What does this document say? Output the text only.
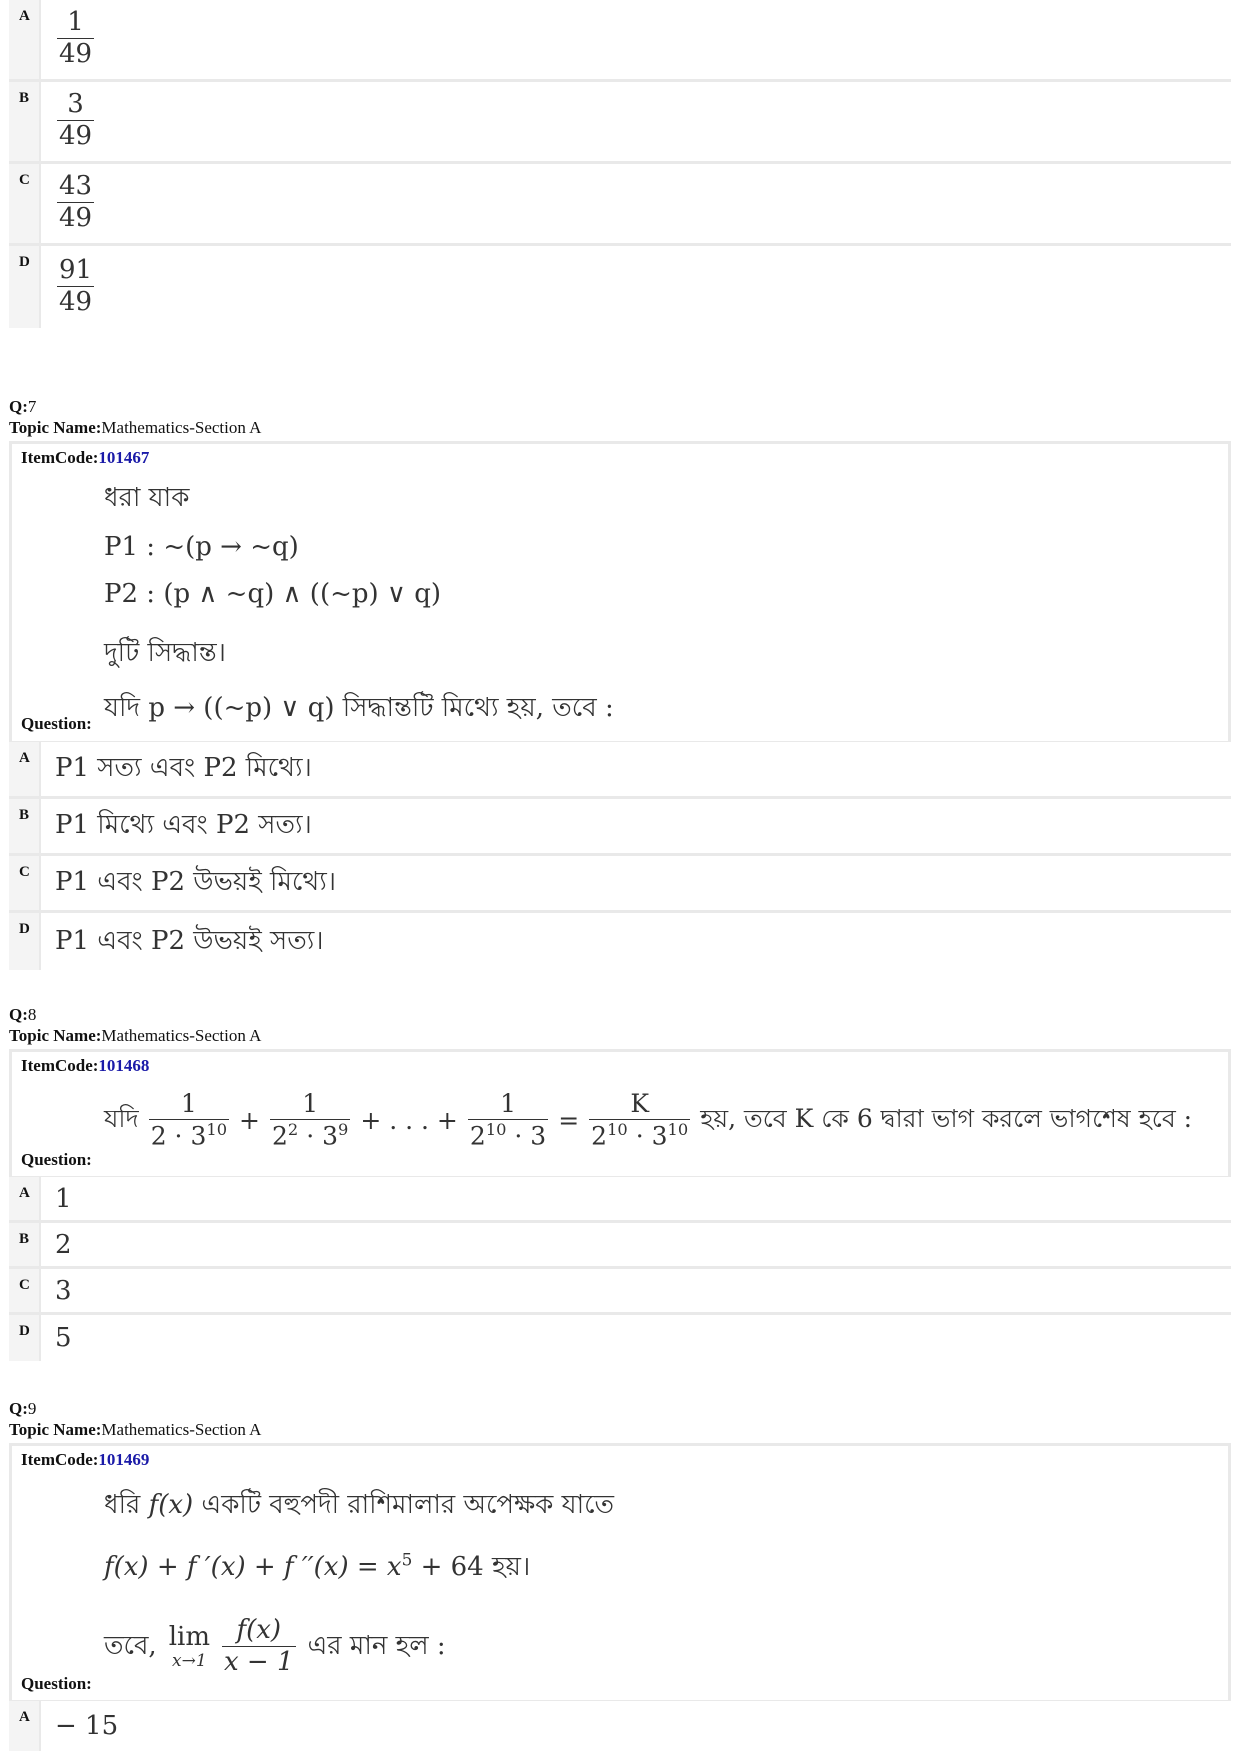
A	$\frac{1}{49}$
B	$\frac{3}{49}$
C	$\frac{43}{49}$
D	$\frac{91}{49}$
Q:7
Topic Name:Mathematics-Section A
ItemCode:101467
ধরা যাক
P1 : ~(p → ~q)
P2 : (p ∧ ~q) ∧ ((~p) ∨ q)
দুটি সিদ্ধান্ত।
যদি p → ((~p) ∨ q) সিদ্ধান্তটি মিথ্যে হয়, তবে :
Question:
A P1 সত্য এবং P2 মিথ্যে।
B P1 মিথ্যে এবং P2 সত্য।
C P1 এবং P2 উভয়ই মিথ্যে।
D P1 এবং P2 উভয়ই সত্য।
Q:8
Topic Name:Mathematics-Section A
ItemCode:101468
যদি $\frac{1}{2 \cdot 3^{10}} + \frac{1}{2^2 \cdot 3^9}$ + . . . + $\frac{1}{2^{10} \cdot 3} = \frac{K}{2^{10} \cdot 3^{10}}$ হয়, তবে K কে 6 দ্বারা ভাগ করলে ভাগশেষ হবে :
Question:
A 1
B 2
C 3
D 5
Q:9
Topic Name:Mathematics-Section A
ItemCode:101469
ধরি f(x) একটি বহুপদী রাশিমালার অপেক্ষক যাতে
f(x) + f ′(x) + f $''(x) = x^5 + 64$ হয়।
তবে, lim
$x\to 1 \frac{f(x)}{x - 1}$ এর মান হল :
Question:
A − 15
